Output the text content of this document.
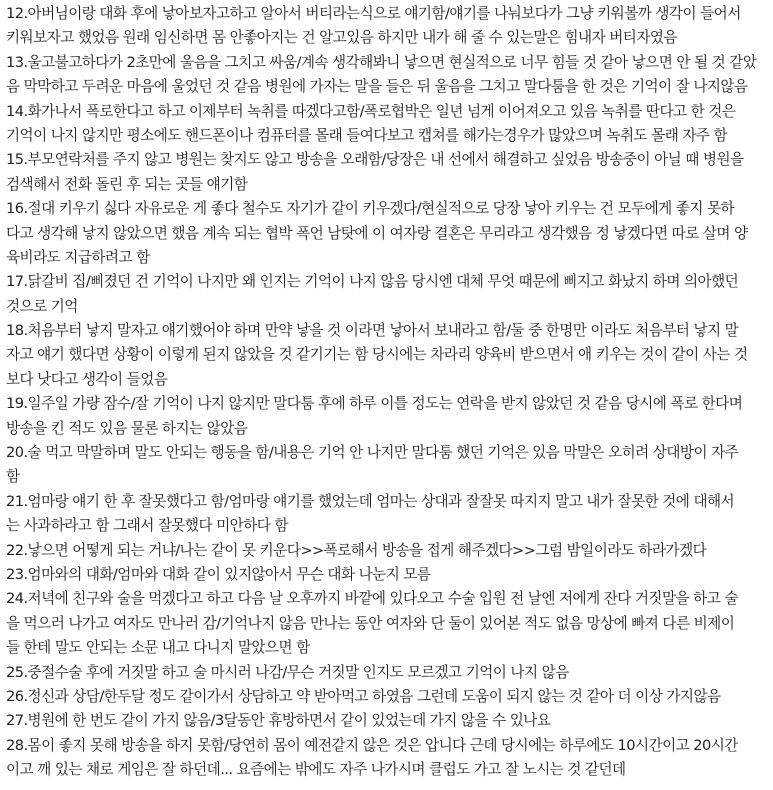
12.아버님이랑 대화 후에 낳아보자고하고 알아서 버티라는식으로 얘기함/얘기를 나눠보다가 그냥 키워볼까 생각이 들어서
키워보자고 했었음 원래 임신하면 몸 안좋아지는 건 알고있음 하지만 내가 해 줄 수 있는말은 힘내자 버티자였음
13.울고불고하다가 2초만에 울음을 그치고 싸움/계속 생각해봐니 낳으면 현실적으로 너무 힘들 것 같아 낳으면 안 될 것 같았
음 막막하고 두려운 마음에 울었던 것 같음 병원에 가자는 말을 들은 뒤 울음을 그치고 말다툼을 한 것은 기억이 잘 나지않음
14.화가나서 폭로한다고 하고 이제부터 녹취를 따겠다고함/폭로협박은 일년 넘게 이어져오고 있음 녹취를 딴다고 한 것은
기억이 나지 않지만 평소에도 핸드폰이나 컴퓨터를 몰래 들여다보고 캡쳐를 해가는경우가 많았으며 녹취도 몰래 자주 함
15.부모연락처를 주지 않고 병원는 찾지도 않고 방송을 오래함/당장은 내 선에서 해결하고 싶었음 방송중이 아닐 때 병원을
검색해서 전화 돌린 후 되는 곳들 얘기함
16.절대 키우기 싫다 자유로운 게 좋다 철수도 자기가 같이 키우겠다/현실적으로 당장 낳아 키우는 건 모두에게 좋지 못하
다고 생각해 낳지 않았으면 했음 계속 되는 협박 폭언 남탓에 이 여자랑 결혼은 무리라고 생각했음 정 낳겠다면 따로 살며 양
육비라도 지급하려고 함
17.닭갈비 집/삐졌던 건 기억이 나지만 왜 인지는 기억이 나지 않음 당시엔 대체 무엇 때문에 삐지고 화났지 하며 의아했던
것으로 기억
18.처음부터 낳지 말자고 얘기했어야 하며 만약 낳을 것 이라면 낳아서 보내라고 함/둘 중 한명만 이라도 처음부터 낳지 말
자고 얘기 했다면 상황이 이렇게 된지 않았을 것 같기기는 함 당시에는 차라리 양육비 받으면서 애 키우는 것이 같이 사는 것
보다 낫다고 생각이 들었음
19.일주일 가량 잠수/잘 기억이 나지 않지만 말다툼 후에 하루 이틀 정도는 연락을 받지 않았던 것 같음 당시에 폭로 한다며
방송을 킨 적도 있음 물론 하지는 않았음
20.술 먹고 막말하며 말도 안되는 행동을 함/내용은 기억 안 나지만 말다툼 했던 기억은 있음 막말은 오히려 상대방이 자주
함
21.엄마랑 얘기 한 후 잘못했다고 함/엄마랑 얘기를 했었는데 엄마는 상대과 잘잘못 따지지 말고 내가 잘못한 것에 대해서
는 사과하라고 함 그래서 잘못했다 미안하다 함
22.낳으면 어떻게 되는 거냐/나는 같이 못 키운다>>폭로해서 방송을 접게 해주겠다>>그럼 밤일이라도 하라가겠다
23.엄마와의 대화/엄마와 대화 같이 있지않아서 무슨 대화 나눈지 모름
24.저녁에 친구와 술을 먹겠다고 하고 다음 날 오후까지 바깥에 있다오고 수술 입원 전 날엔 저에게 잔다 거짓말을 하고 술
을 먹으러 나가고 여자도 만나러 감/기억나지 않음 만나는 동안 여자와 단 둘이 있어본 적도 없음 망상에 빠져 다른 비제이
들 한테 말도 안되는 소문 내고 다니지 말았으면 함
25.중절수술 후에 거짓말 하고 술 마시러 나감/무슨 거짓말 인지도 모르겠고 기억이 나지 않음
26.정신과 상담/한두달 정도 같이가서 상담하고 약 받아먹고 하였음 그런데 도움이 되지 않는 것 같아 더 이상 가지않음
27.병원에 한 번도 같이 가지 않음/3달동안 휴방하면서 같이 있었는데 가지 않을 수 있나요
28.몸이 좋지 못해 방송을 하지 못함/당연히 몸이 예전같지 않은 것은 압니다 근데 당시에는 하루에도 10시간이고 20시간
이고 깨 있는 채로 게임은 잘 하던데... 요즘에는 밖에도 자주 나가시며 클럽도 가고 잘 노시는 것 같던데
